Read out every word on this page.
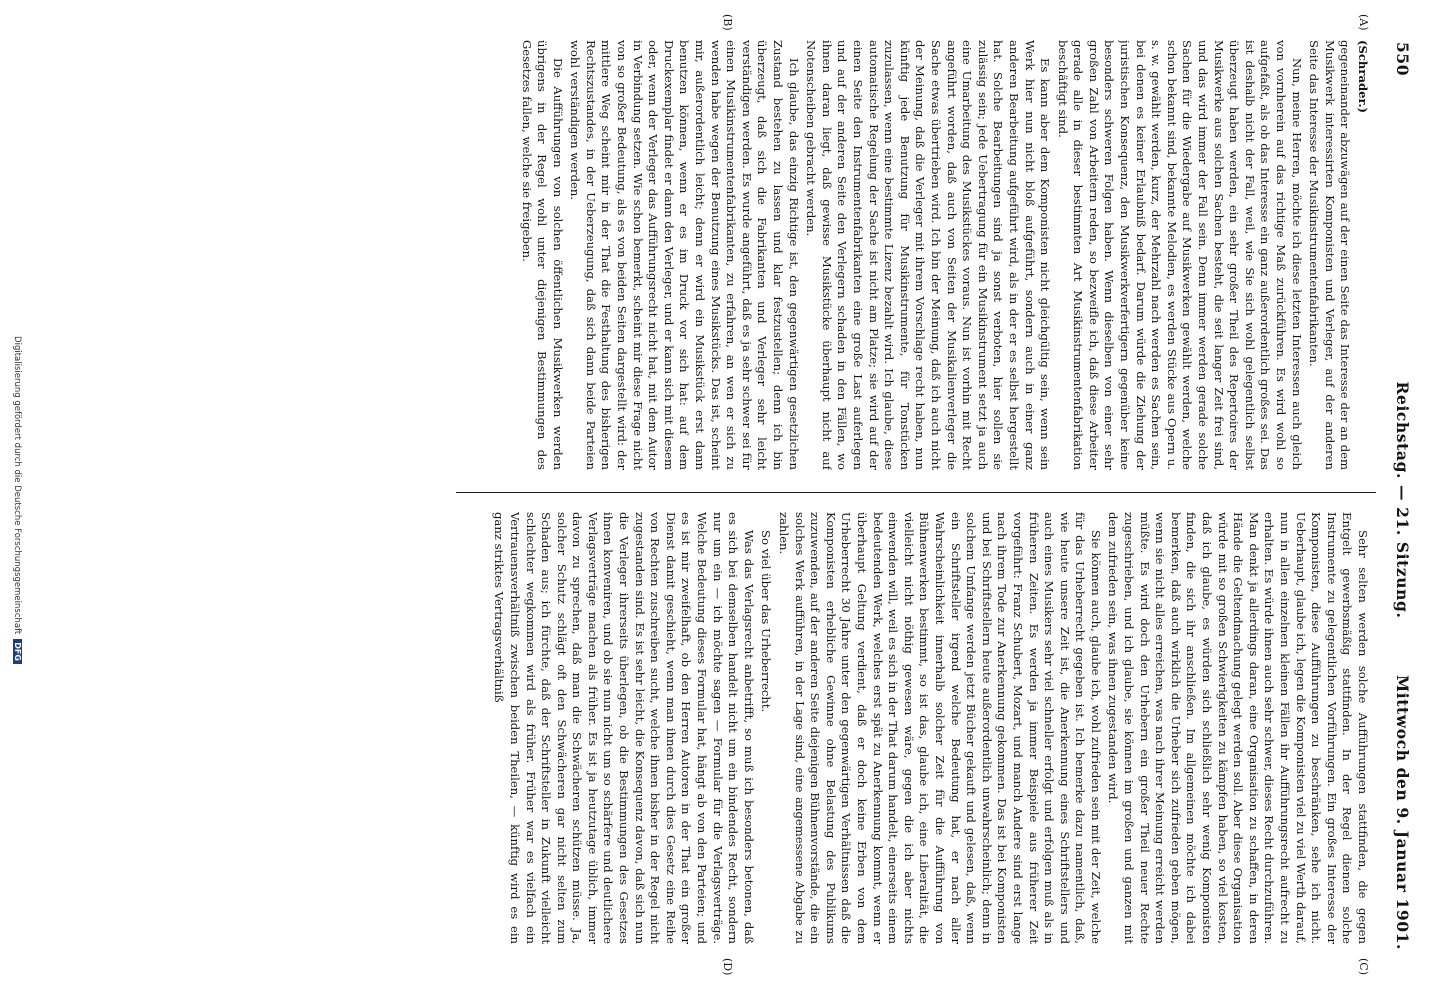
550
Reichstag. — 21. Sitzung.
Mittwoch den 9. Januar 1901.
(A)
(B)
(C)
(D)

(Schrader.)

gegeneinander abzuwägen auf der einen Seite das Interesse der an dem Musikwerk interessirten Komponisten und Verleger, auf der anderen Seite das Interesse der Musikinstrumentenfabrikanten.

Nun, meine Herren, möchte ich diese letzten Interessen auch gleich von vornherein auf das richtige Maß zurückführen. Es wird wohl so aufgefaßt, als ob das Interesse ein ganz außerordentlich großes sei. Das ist deshalb nicht der Fall, weil, wie Sie sich wohl gelegentlich selbst überzeugt haben werden, ein sehr großer Theil des Repertoires der Musikwerke aus solchen Sachen besteht, die seit langer Zeit frei sind, und das wird immer der Fall sein. Denn immer werden gerade solche Sachen für die Wiedergabe auf Musikwerken gewählt werden, welche schon bekannt sind, bekannte Melodien, es werden Stücke aus Opern u. s. w. gewählt werden, kurz, der Mehrzahl nach werden es Sachen sein, bei denen es keiner Erlaubniß bedarf. Darum würde die Ziehung der juristischen Konsequenz, den Musikwerkverfertigern gegenüber keine besonders schweren Folgen haben. Wenn dieselben von einer sehr großen Zahl von Arbeitern reden, so bezweifle ich, daß diese Arbeiter gerade alle in dieser bestimmten Art Musikinstrumentenfabrikation beschäftigt sind.

Es kann aber dem Komponisten nicht gleichgültig sein, wenn sein Werk hier nun nicht bloß aufgeführt, sondern auch in einer ganz anderen Bearbeitung aufgeführt wird, als in der er es selbst hergestellt hat. Solche Bearbeitungen sind ja sonst verboten, hier sollen sie zulässig sein; jede Uebertragung für ein Musikinstrument setzt ja auch eine Umarbeitung des Musikstückes voraus. Nun ist vorhin mit Recht angeführt worden, daß auch von Seiten der Musikalienverleger die Sache etwas übertrieben wird. Ich bin der Meinung, daß ich auch nicht der Meinung, daß die Verleger mit ihrem Vorschlage recht haben, nun künftig jede Benutzung für Musikinstrumente, für Tonstücken zuzulassen, wenn eine bestimmte Lizenz bezahlt wird. Ich glaube, diese automatische Regelung der Sache ist nicht am Platze; sie wird auf der einen Seite den Instrumentenfabrikanten eine große Last auferlegen und auf der anderen Seite den Verlegern schaden in den Fällen, wo ihnen daran liegt, daß gewisse Musikstücke überhaupt nicht auf Notenscheiben gebracht werden.

Ich glaube, das einzig Richtige ist, den gegenwärtigen gesetzlichen Zustand bestehen zu lassen und klar festzustellen; denn ich bin überzeugt, daß sich die Fabrikanten und Verleger sehr leicht verständigen werden. Es wurde angeführt, daß es ja sehr schwer sei für einen Musikinstrumentenfabrikanten, zu erfahren, an wen er sich zu wenden habe wegen der Benutzung eines Musikstücks. Das ist, scheint mir, außerordentlich leicht; denn er wird ein Musikstück erst dann benutzen können, wenn er es im Druck vor sich hat: auf dem Druckexemplar findet er dann den Verleger, und er kann sich mit diesem oder, wenn der Verleger das Aufführungsrecht nicht hat, mit dem Autor in Verbindung setzen. Wie schon bemerkt, scheint mir diese Frage nicht von so großer Bedeutung, als es von beiden Seiten dargestellt wird: der mittlere Weg scheint mir in der That die Festhaltung des bisherigen Rechtszustandes, in der Ueberzeugung, daß sich dann beide Parteien wohl verständigen werden.

Die Aufführungen von solchen öffentlichen Musikwerken werden übrigens in der Regel wohl unter diejenigen Bestimmungen des Gesetzes fallen, welche sie freigeben.

Sehr selten werden solche Aufführungen stattfinden, die gegen Entgelt gewerbsmäßig stattfinden. In der Regel dienen solche Instrumente zu gelegentlichen Vorführungen. Ein großes Interesse der Komponisten, diese Aufführungen zu beschränken, sehe ich nicht. Ueberhaupt, glaube ich, legen die Komponisten viel zu viel Werth darauf, nun in allen einzelnen kleinen Fällen ihr Aufführungsrecht aufrecht zu erhalten. Es würde ihnen auch sehr schwer, dieses Recht durchzuführen. Man denkt ja allerdings daran, eine Organisation zu schaffen, in deren Hände die Geltendmachung gelegt werden soll. Aber diese Organisation würde mit so großen Schwierigkeiten zu kämpfen haben, so viel kosten, daß ich glaube, es würden sich schließlich sehr wenig Komponisten finden, die sich ihr anschließen. Im allgemeinen möchte ich dabei bemerken, daß auch wirklich die Urheber sich zufrieden geben mögen, wenn sie nicht alles erreichen, was nach ihrer Meinung erreicht werden müßte. Es wird doch den Urhebern ein großer Theil neuer Rechte zugeschrieben, und ich glaube, sie können im großen und ganzen mit dem zufrieden sein, was ihnen zugestanden wird.

Sie können auch, glaube ich, wohl zufrieden sein mit der Zeit, welche für das Urheberrecht gegeben ist. Ich bemerke dazu namentlich, daß, wie heute unsere Zeit ist, die Anerkennung eines Schriftstellers und auch eines Musikers sehr viel schneller erfolgt und erfolgen muß als in früheren Zeiten. Es werden ja immer Beispiele aus früherer Zeit vorgeführt: Franz Schubert, Mozart, und manch Andere sind erst lange nach ihrem Tode zur Anerkennung gekommen. Das ist bei Komponisten und bei Schriftstellern heute außerordentlich unwahrscheinlich; denn in solchem Umfange werden jetzt Bücher gekauft und gelesen, daß, wenn ein Schriftsteller irgend welche Bedeutung hat, er nach aller Wahrscheinlichkeit innerhalb solcher Zeit für die Aufführung von Bühnenwerken bestimmt, so ist das, glaube ich, eine Liberalität, die vielleicht nicht nöthig gewesen wäre, gegen die ich aber nichts einwenden will, weil es sich in der That darum handelt, einerseits einem bedeutenden Werk, welches erst spät zu Anerkennung kommt, wenn er überhaupt Geltung verdient, daß er doch keine Erben von dem Urheberrecht 30 Jahre unter den gegenwärtigen Verhältnissen daß die Komponisten erhebliche Gewinne ohne Belastung des Publikums zuzuwenden, auf der anderen Seite diejenigen Bühnenvorstände, die ein solches Werk aufführen, in der Lage sind, eine angemessene Abgabe zu zahlen.

So viel über das Urheberrecht.

Was das Verlagsrecht anbetrifft, so muß ich besonders betonen, daß es sich bei demselben handelt nicht um ein bindendes Recht, sondern nur um ein — ich möchte sagen — Formular für die Verlagsverträge. Welche Bedeutung dieses Formular hat, hängt ab von den Parteien; und es ist mir zweifelhaft, ob den Herren Autoren in der That ein großer Dienst damit geschieht, wenn man ihnen durch dies Gesetz eine Reihe von Rechten zuschreiben sucht, welche ihnen bisher in der Regel nicht zugestanden sind. Es ist sehr leicht, die Konsequenz davon, daß sich nun die Verleger ihrerseits überlegen, ob die Bestimmungen des Gesetzes ihnen konveniren, und ob sie nun nicht um so schärfere und deutlichere Verlagsverträge machen als früher. Es ist ja heutzutage üblich, immer davon zu sprechen, daß man die Schwächeren schützen müsse. Ja, solcher Schutz schlägt oft den Schwächeren gar nicht selten zum Schaden aus; ich fürchte, daß der Schriftsteller in Zukunft vielleicht schlechter wegkommen wird als früher. Früher war es vielfach ein Vertrauensverhältniß zwischen beiden Theilen, — künftig wird es ein ganz striktes Vertragsverhältniß

Digitalisierung gefördert durch die Deutsche ForschungsgemeinschaftDFG
